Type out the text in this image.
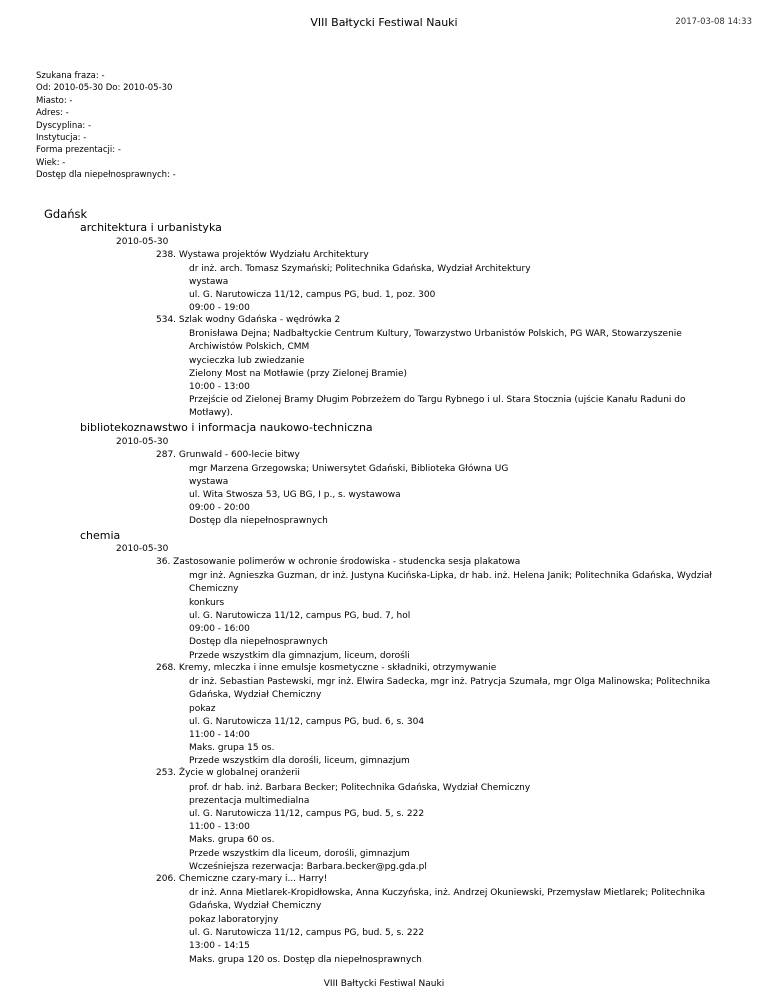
VIII Bałtycki Festiwal Nauki	2017-03-08 14:33
Szukana fraza: -
Od: 2010-05-30 Do: 2010-05-30
Miasto: -
Adres: -
Dyscyplina: -
Instytucja: -
Forma prezentacji: -
Wiek: -
Dostęp dla niepełnosprawnych: -
Gdańsk
architektura i urbanistyka
2010-05-30
238. Wystawa projektów Wydziału Architektury
dr inż. arch. Tomasz Szymański; Politechnika Gdańska, Wydział Architektury
wystawa
ul. G. Narutowicza 11/12, campus PG, bud. 1, poz. 300
09:00 - 19:00
534. Szlak wodny Gdańska - wędrówka 2
Bronisława Dejna; Nadbałtyckie Centrum Kultury, Towarzystwo Urbanistów Polskich, PG WAR, Stowarzyszenie Archiwistów Polskich, CMM
wycieczka lub zwiedzanie
Zielony Most na Motławie (przy Zielonej Bramie)
10:00 - 13:00
Przejście od Zielonej Bramy Długim Pobrzeżem do Targu Rybnego i ul. Stara Stocznia (ujście Kanału Raduni do Motławy).
bibliotekoznawstwo i informacja naukowo-techniczna
2010-05-30
287. Grunwald - 600-lecie bitwy
mgr Marzena Grzegowska; Uniwersytet Gdański, Biblioteka Główna UG
wystawa
ul. Wita Stwosza 53, UG BG, I p., s. wystawowa
09:00 - 20:00
Dostęp dla niepełnosprawnych
chemia
2010-05-30
36. Zastosowanie polimerów w ochronie środowiska - studencka sesja plakatowa
mgr inż. Agnieszka Guzman, dr inż. Justyna Kucińska-Lipka, dr hab. inż. Helena Janik; Politechnika Gdańska, Wydział Chemiczny
konkurs
ul. G. Narutowicza 11/12, campus PG, bud. 7, hol
09:00 - 16:00
Dostęp dla niepełnosprawnych
Przede wszystkim dla gimnazjum, liceum, dorośli
268. Kremy, mleczka i inne emulsje kosmetyczne - składniki, otrzymywanie
dr inż. Sebastian Pastewski, mgr inż. Elwira Sadecka, mgr inż. Patrycja Szumała, mgr Olga Malinowska; Politechnika Gdańska, Wydział Chemiczny
pokaz
ul. G. Narutowicza 11/12, campus PG, bud. 6, s. 304
11:00 - 14:00
Maks. grupa 15 os.
Przede wszystkim dla dorośli, liceum, gimnazjum
253. Życie w globalnej oranżerii
prof. dr hab. inż. Barbara Becker; Politechnika Gdańska, Wydział Chemiczny
prezentacja multimedialna
ul. G. Narutowicza 11/12, campus PG, bud. 5, s. 222
11:00 - 13:00
Maks. grupa 60 os.
Przede wszystkim dla liceum, dorośli, gimnazjum
Wcześniejsza rezerwacja: Barbara.becker@pg.gda.pl
206. Chemiczne czary-mary i... Harry!
dr inż. Anna Mietlarek-Kropidłowska, Anna Kuczyńska, inż. Andrzej Okuniewski, Przemysław Mietlarek; Politechnika Gdańska, Wydział Chemiczny
pokaz laboratoryjny
ul. G. Narutowicza 11/12, campus PG, bud. 5, s. 222
13:00 - 14:15
Maks. grupa 120 os. Dostęp dla niepełnosprawnych
VIII Bałtycki Festiwal Nauki
